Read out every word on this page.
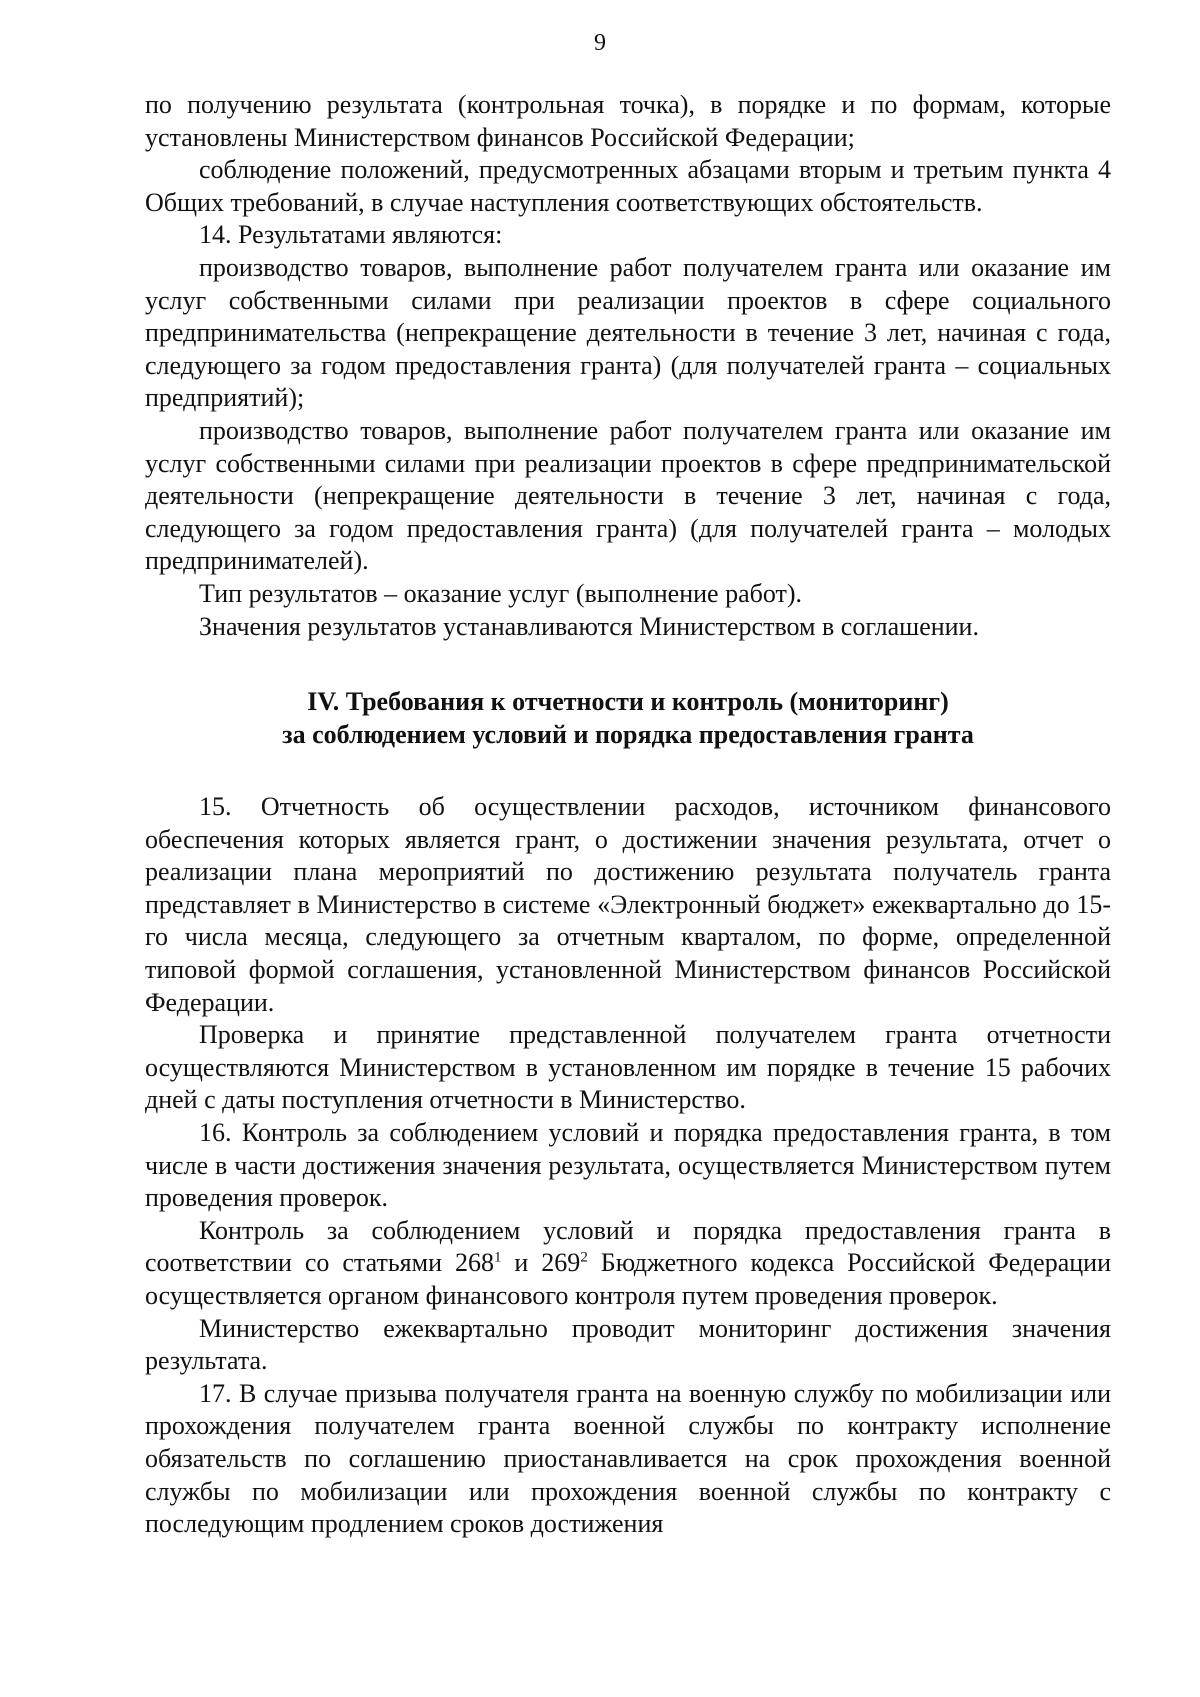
9

по получению результата (контрольная точка), в порядке и по формам, которые установлены Министерством финансов Российской Федерации;

соблюдение положений, предусмотренных абзацами вторым и третьим пункта 4 Общих требований, в случае наступления соответствующих обстоятельств.

14. Результатами являются:

производство товаров, выполнение работ получателем гранта или оказание им услуг собственными силами при реализации проектов в сфере социального предпринимательства (непрекращение деятельности в течение 3 лет, начиная с года, следующего за годом предоставления гранта) (для получателей гранта – социальных предприятий);

производство товаров, выполнение работ получателем гранта или оказание им услуг собственными силами при реализации проектов в сфере предпринимательской деятельности (непрекращение деятельности в течение 3 лет, начиная с года, следующего за годом предоставления гранта) (для получателей гранта – молодых предпринимателей).

Тип результатов – оказание услуг (выполнение работ).

Значения результатов устанавливаются Министерством в соглашении.

IV. Требования к отчетности и контроль (мониторинг)
за соблюдением условий и порядка предоставления гранта

15. Отчетность об осуществлении расходов, источником финансового обеспечения которых является грант, о достижении значения результата, отчет о реализации плана мероприятий по достижению результата получатель гранта представляет в Министерство в системе «Электронный бюджет» ежеквартально до 15-го числа месяца, следующего за отчетным кварталом, по форме, определенной типовой формой соглашения, установленной Министерством финансов Российской Федерации.

Проверка и принятие представленной получателем гранта отчетности осуществляются Министерством в установленном им порядке в течение 15 рабочих дней с даты поступления отчетности в Министерство.

16. Контроль за соблюдением условий и порядка предоставления гранта, в том числе в части достижения значения результата, осуществляется Министерством путем проведения проверок.

Контроль за соблюдением условий и порядка предоставления гранта в соответствии со статьями $268^1$ и $269^2$ Бюджетного кодекса Российской Федерации осуществляется органом финансового контроля путем проведения проверок.

Министерство ежеквартально проводит мониторинг достижения значения результата.

17. В случае призыва получателя гранта на военную службу по мобилизации или прохождения получателем гранта военной службы по контракту исполнение обязательств по соглашению приостанавливается на срок прохождения военной службы по мобилизации или прохождения военной службы по контракту с последующим продлением сроков достижения
